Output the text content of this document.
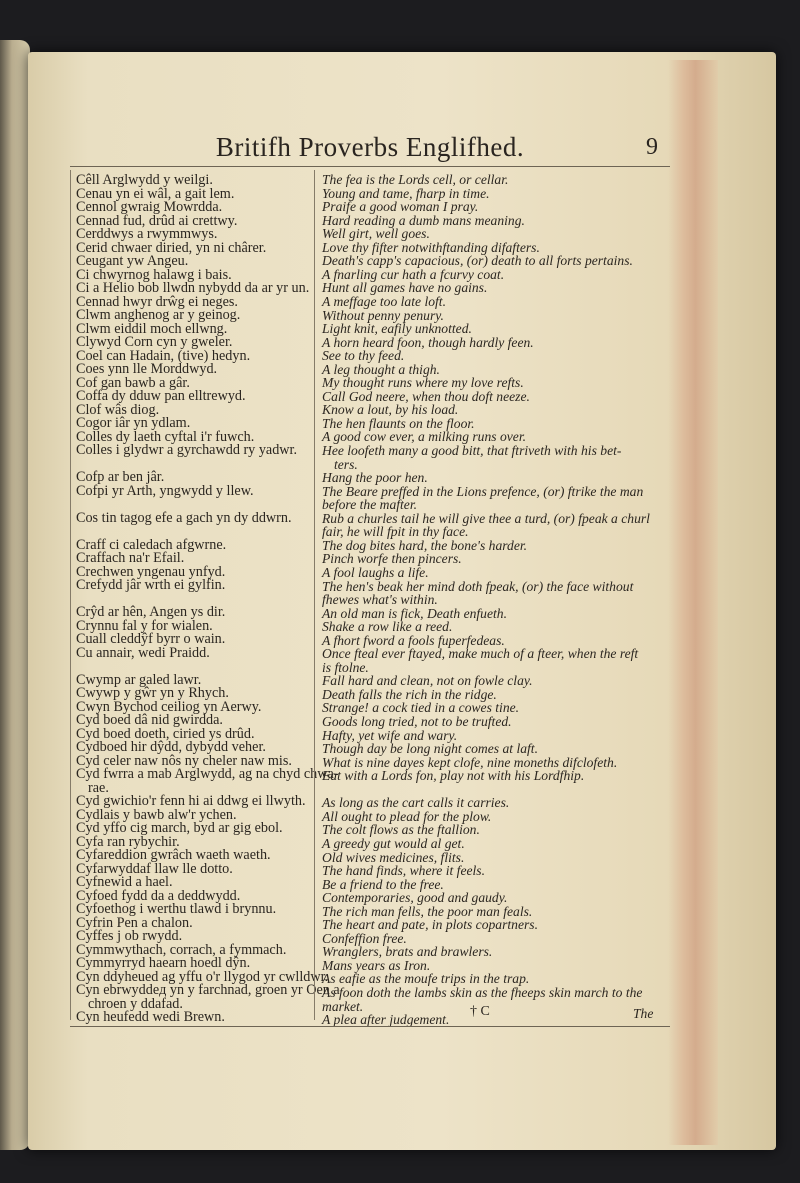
Britifh Proverbs Englifhed.	9
Cêll Arglwydd y weilgi.
Cenau yn ei wâl, a gait lem.
Cennol gwraig Mowrdda.
Cennad fud, drûd ai crettwy.
Cerddwys a rwymmwys.
Cerid chwaer diried, yn ni chârer.
Ceugant yw Angeu.
Ci chwyrnog halawg i bais.
Ci a Helio bob llwdn nybydd da ar yr un.
Cennad hwyr drŵg ei neges.
Clwm anghenog ar y geinog.
Clwm eiddil moch ellwng.
Clywyd Corn cyn y gweler.
Coel can Hadain, (tive) hedyn.
Coes ynn lle Morddwyd.
Cof gan bawb a gâr.
Coffa dy dduw pan elltrewyd.
Clof wâs diog.
Cogor iâr yn ydlam.
Colles dy laeth cyftal i'r fuwch.
Colles i glydwr a gyrchawdd ry yadwr.
Cofp ar ben jâr.
Cofpi yr Arth, yngwydd y llew.
Cos tin tagog efe a gach yn dy ddwrn.
Craff ci caledach afgwrne.
Craffach na'r Efail.
Crechwen yngenau ynfyd.
Crefydd jâr wrth ei gylfin.
Crŷd ar hên, Angen ys dir.
Crynnu fal y for wialen.
Cuall cleddŷf byrr o wain.
Cu annair, wedi Praidd.
Cwymp ar galed lawr.
Cwywp y gŵr yn y Rhych.
Cwyn Bychod ceiliog yn Aerwy.
Cyd boed dâ nid gwirdda.
Cyd boed doeth, ciried ys drûd.
Cydboed hir dŷdd, dybydd veher.
Cyd celer naw nôs ny cheler naw mis.
Cyd fwrra a mab Arglwydd, ag na chyd chwa-
rae.
Cyd gwichio'r fenn hi ai ddwg ei llwyth.
Cydlais y bawb alw'r ychen.
Cyd yffo cig march, byd ar gig ebol.
Cyfa ran rybychir.
Cyfareddion gwrâch waeth waeth.
Cyfarwyddaf llaw lle dotto.
Cyfnewid a hael.
Cyfoed fydd da a deddwydd.
Cyfoethog i werthu tlawd i brynnu.
Cyfrin Pen a chalon.
Cyffes j ob rwydd.
Cymmwythach, corrach, a fymmach.
Cymmyrryd haearn hoedl dŷn.
Cyn ddyheued ag yffu o'r llygod yr cwlldwr.
Cyn ebrwyddeд yn y farchnad, groen yr Oen a
chroen y ddafad.
Cyn heufedd wedi Brewn.
The fea is the Lords cell, or cellar.
Young and tame, fharp in time.
Praife a good woman I pray.
Hard reading a dumb mans meaning.
Well girt, well goes.
Love thy fifter notwithftanding difafters.
Death's capp's capacious, (or) death to all forts pertains.
A fnarling cur hath a fcurvy coat.
Hunt all games have no gains.
A meffage too late loft.
Without penny penury.
Light knit, eafily unknotted.
A horn heard foon, though hardly feen.
See to thy feed.
A leg thought a thigh.
My thought runs where my love refts.
Call God neere, when thou doft neeze.
Know a lout, by his load.
The hen flaunts on the floor.
A good cow ever, a milking runs over.
Hee loofeth many a good bitt, that ftriveth with his bet-
ters.
Hang the poor hen.
The Beare preffed in the Lions prefence, (or) ftrike the man
before the mafter.
Rub a churles tail he will give thee a turd, (or) fpeak a churl
fair, he will fpit in thy face.
The dog bites hard, the bone's harder.
Pinch worfe then pincers.
A fool laughs a life.
The hen's beak her mind doth fpeak, (or) the face without
fhewes what's within.
An old man is fick, Death enfueth.
Shake a row like a reed.
A fhort fword a fools fuperfedeas.
Once fteal ever ftayed, make much of a fteer, when the reft
is ftolne.
Fall hard and clean, not on fowle clay.
Death falls the rich in the ridge.
Strange! a cock tied in a cowes tine.
Goods long tried, not to be trufted.
Hafty, yet wife and wary.
Though day be long night comes at laft.
What is nine dayes kept clofe, nine moneths difclofeth.
Eat with a Lords fon, play not with his Lordfhip.
As long as the cart calls it carries.
All ought to plead for the plow.
The colt flows as the ftallion.
A greedy gut would al get.
Old wives medicines, flits.
The hand finds, where it feels.
Be a friend to the free.
Contemporaries, good and gaudy.
The rich man fells, the poor man feals.
The heart and pate, in plots copartners.
Confeffion free.
Wranglers, brats and brawlers.
Mans years as Iron.
As eafie as the moufe trips in the trap.
As foon doth the lambs skin as the fheeps skin march to the
market.
A plea after judgement.
† C	The
